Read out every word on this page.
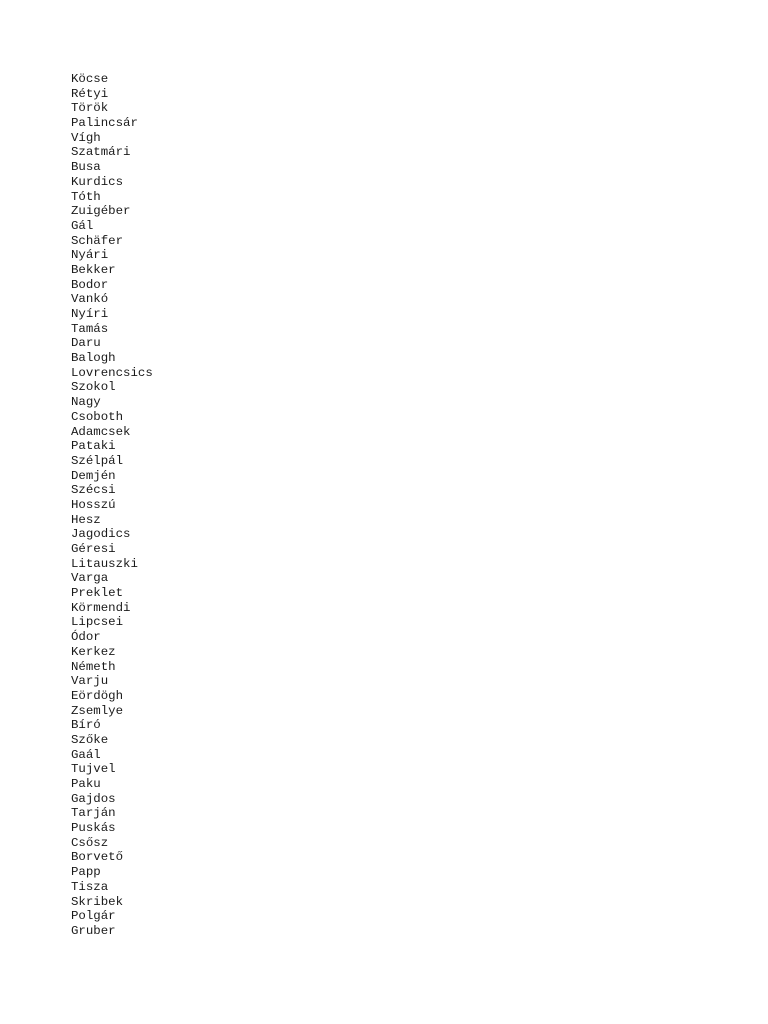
Köcse
Rétyi
Török
Palincsár
Vígh
Szatmári
Busa
Kurdics
Tóth
Zuigéber
Gál
Schäfer
Nyári
Bekker
Bodor
Vankó
Nyíri
Tamás
Daru
Balogh
Lovrencsics
Szokol
Nagy
Csoboth
Adamcsek
Pataki
Szélpál
Demjén
Szécsi
Hosszú
Hesz
Jagodics
Géresi
Litauszki
Varga
Preklet
Körmendi
Lipcsei
Ódor
Kerkez
Németh
Varju
Eördögh
Zsemlye
Bíró
Szőke
Gaál
Tujvel
Paku
Gajdos
Tarján
Puskás
Csősz
Borvető
Papp
Tisza
Skribek
Polgár
Gruber
